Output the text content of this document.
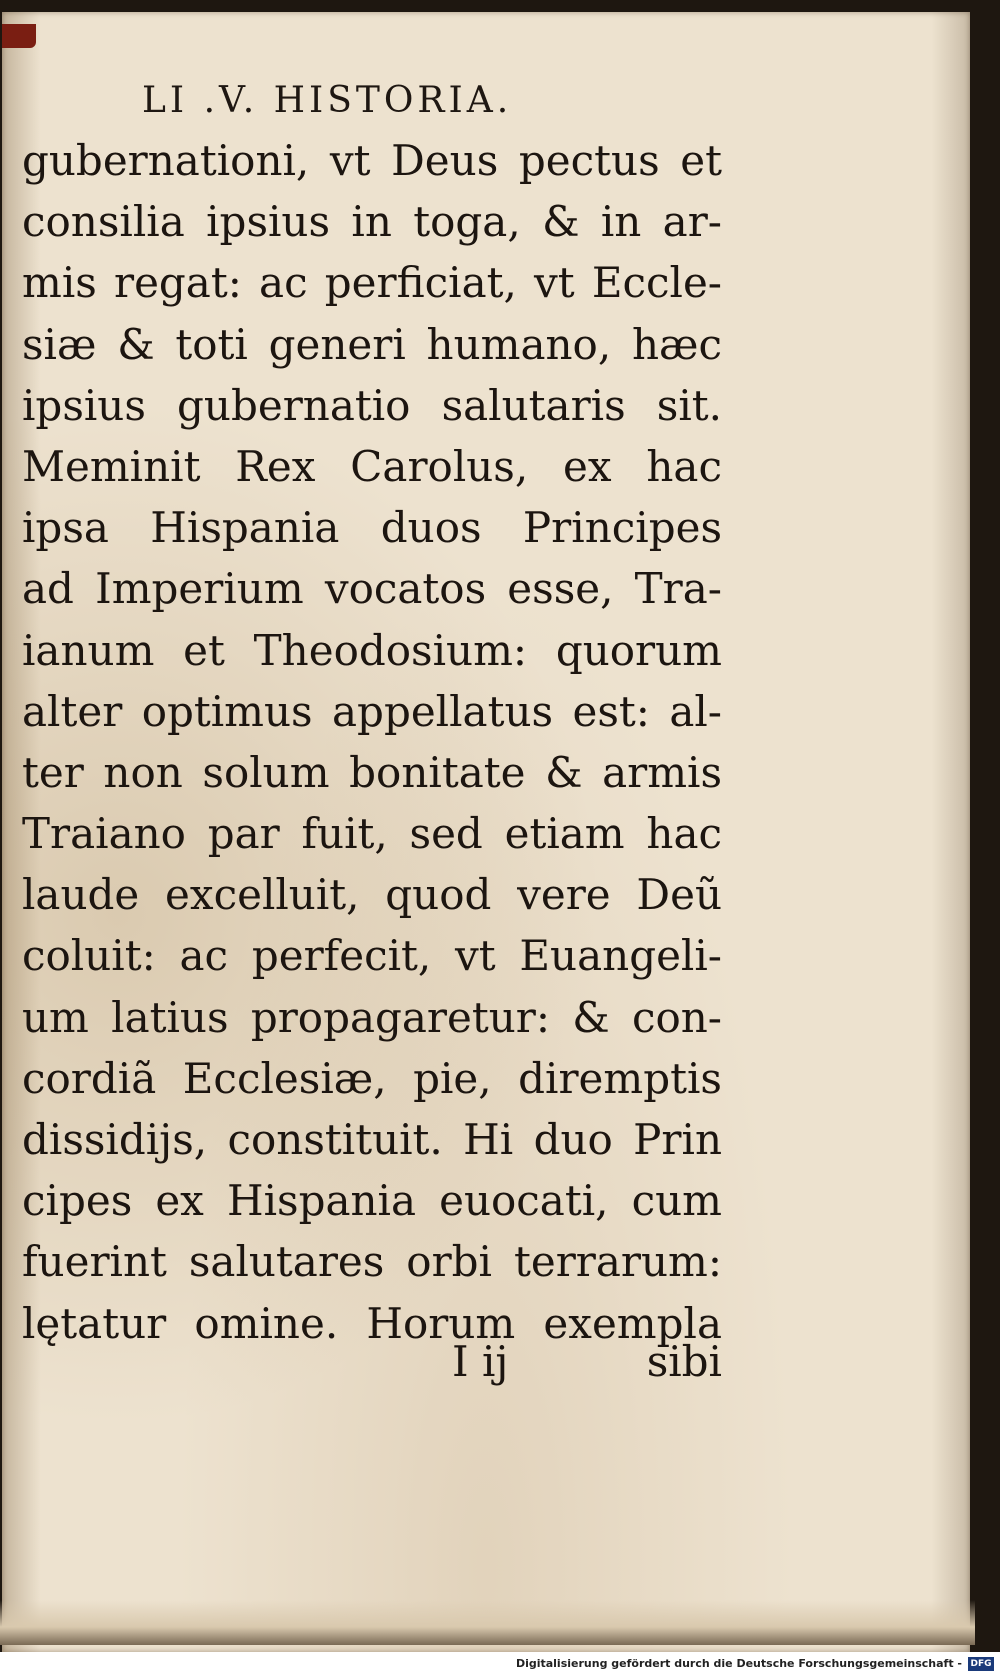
LI .V. HISTORIA.
gubernationi, vt Deus pectus et
consilia ipsius in toga, & in ar-
mis regat: ac perficiat, vt Eccle-
siæ & toti generi humano, hæc
ipsius gubernatio salutaris sit.
Meminit Rex Carolus, ex hac
ipsa Hispania duos Principes
ad Imperium vocatos esse, Tra-
ianum et Theodosium: quorum
alter optimus appellatus est: al-
ter non solum bonitate & armis
Traiano par fuit, sed etiam hac
laude excelluit, quod vere Deũ
coluit: ac perfecit, vt Euangeli-
um latius propagaretur: & con-
cordiã Ecclesiæ, pie, diremptis
dissidijs, constituit. Hi duo Prin
cipes ex Hispania euocati, cum
fuerint salutares orbi terrarum:
lętatur omine. Horum exempla
I ij	sibi
Digitalisierung gefördert durch die Deutsche Forschungsgemeinschaft - DFG
